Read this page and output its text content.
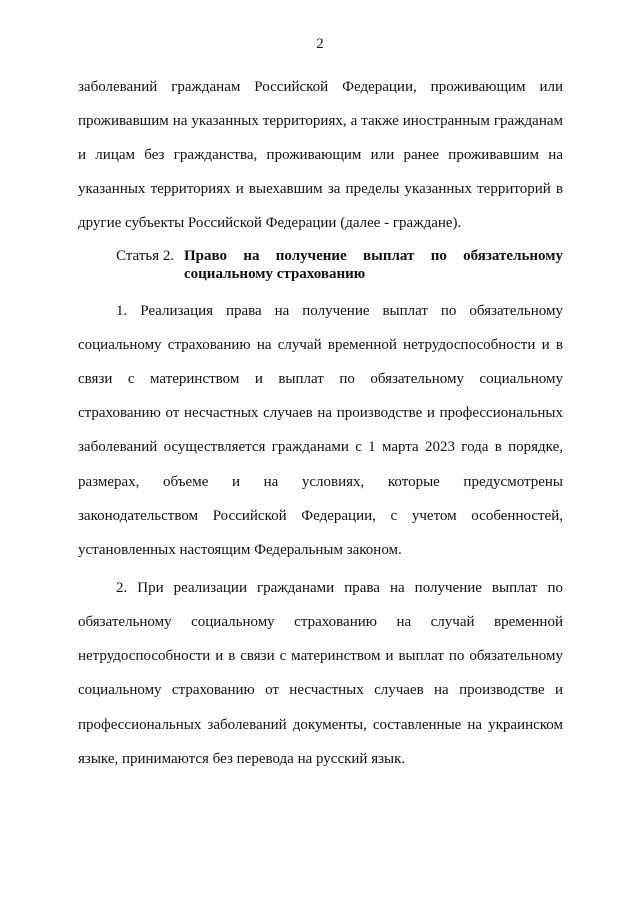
2
заболеваний гражданам Российской Федерации, проживающим или
проживавшим на указанных территориях, а также иностранным гражданам
и лицам без гражданства, проживающим или ранее проживавшим на
указанных территориях и выехавшим за пределы указанных территорий в
другие субъекты Российской Федерации (далее - граждане).
Статья 2. Право на получение выплат по обязательному
социальному страхованию
1. Реализация права на получение выплат по обязательному
социальному страхованию на случай временной нетрудоспособности и в
связи с материнством и выплат по обязательному социальному
страхованию от несчастных случаев на производстве и профессиональных
заболеваний осуществляется гражданами с 1 марта 2023 года в порядке,
размерах, объеме и на условиях, которые предусмотрены
законодательством Российской Федерации, с учетом особенностей,
установленных настоящим Федеральным законом.
2. При реализации гражданами права на получение выплат по
обязательному социальному страхованию на случай временной
нетрудоспособности и в связи с материнством и выплат по обязательному
социальному страхованию от несчастных случаев на производстве и
профессиональных заболеваний документы, составленные на украинском
языке, принимаются без перевода на русский язык.
